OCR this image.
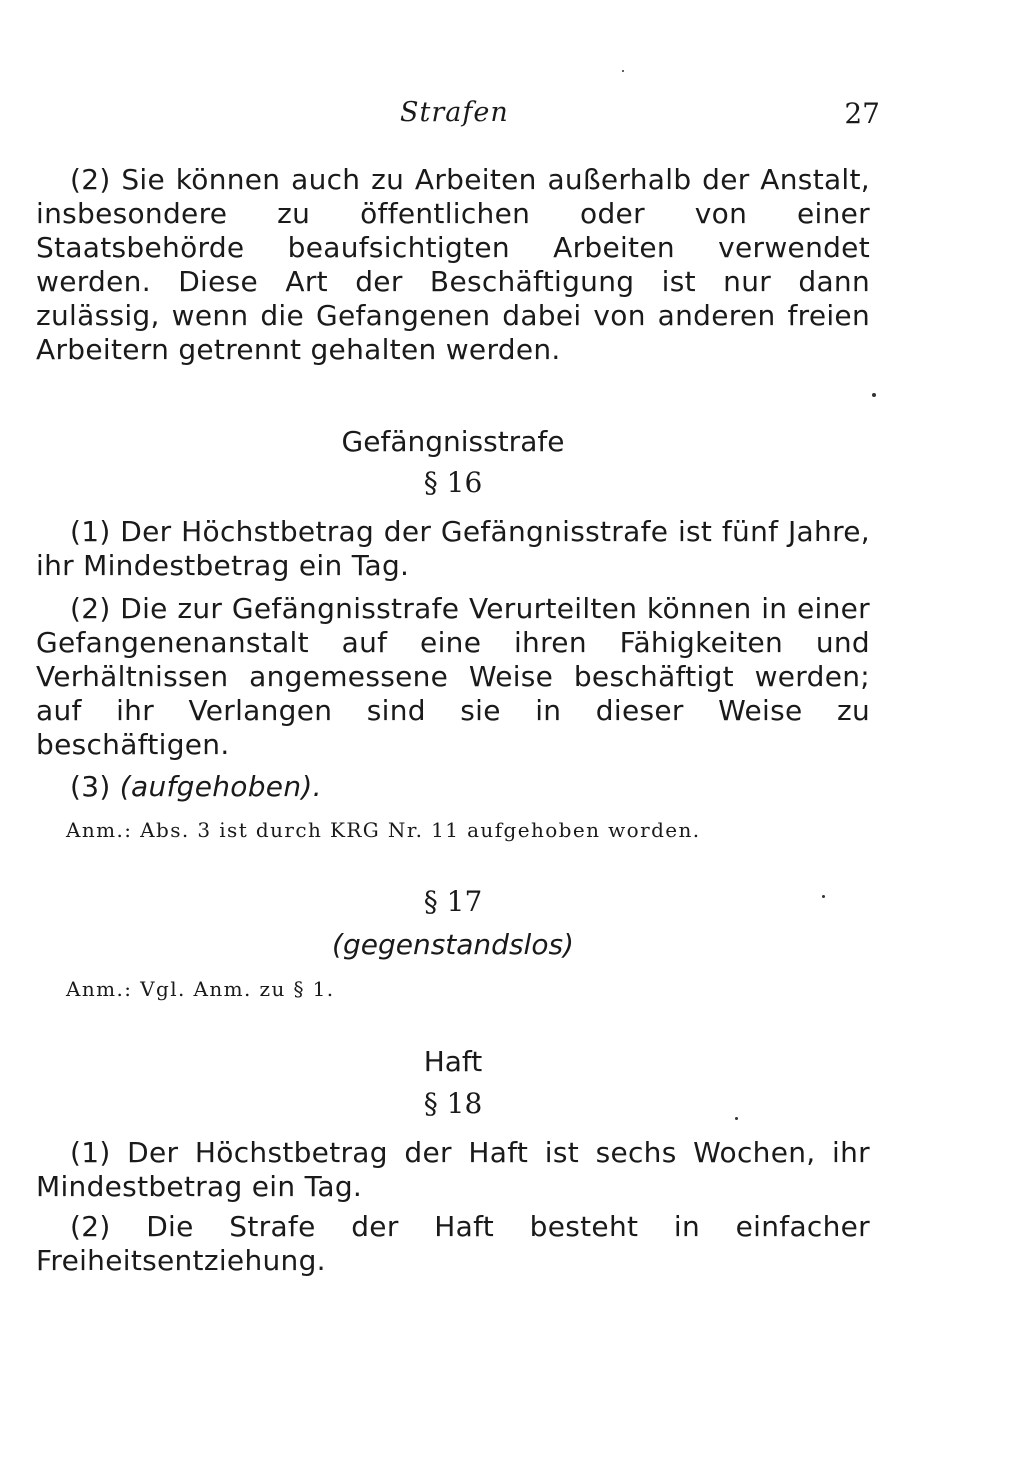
Strafen	27

(2) Sie können auch zu Arbeiten außerhalb der Anstalt, insbesondere zu öffentlichen oder von einer Staatsbehörde beaufsichtigten Arbeiten verwendet werden. Diese Art der Beschäftigung ist nur dann zulässig, wenn die Gefangenen dabei von anderen freien Arbeitern getrennt gehalten werden.

Gefängnisstrafe

§ 16

(1) Der Höchstbetrag der Gefängnisstrafe ist fünf Jahre, ihr Mindestbetrag ein Tag.

(2) Die zur Gefängnisstrafe Verurteilten können in einer Gefangenenanstalt auf eine ihren Fähigkeiten und Verhältnissen angemessene Weise beschäftigt werden; auf ihr Verlangen sind sie in dieser Weise zu beschäftigen.

(3) (aufgehoben).

Anm.: Abs. 3 ist durch KRG Nr. 11 aufgehoben worden.

§ 17

(gegenstandslos)

Anm.: Vgl. Anm. zu § 1.

Haft

§ 18

(1) Der Höchstbetrag der Haft ist sechs Wochen, ihr Mindestbetrag ein Tag.

(2) Die Strafe der Haft besteht in einfacher Freiheitsentziehung.
